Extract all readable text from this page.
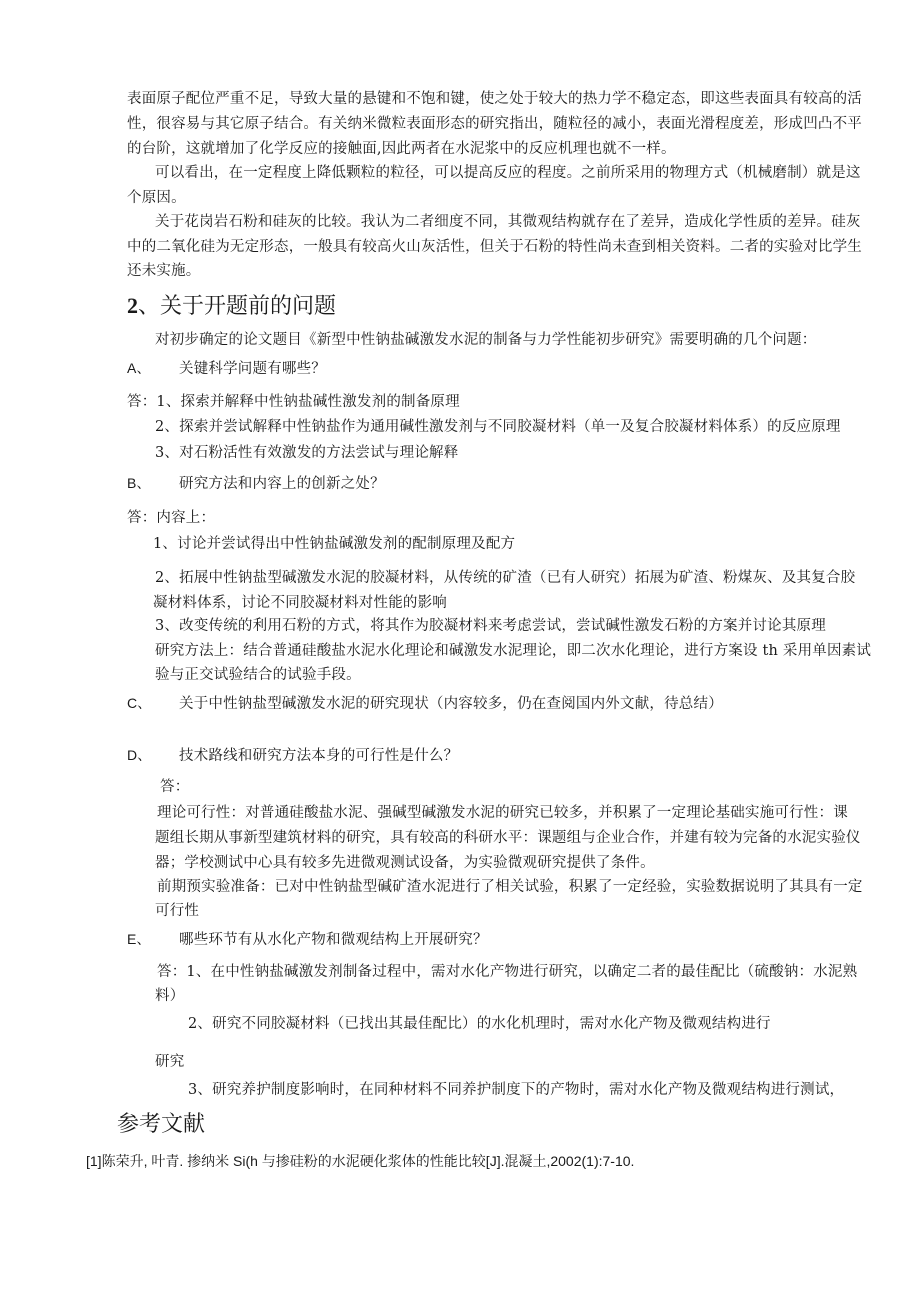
表面原子配位严重不足，导致大量的悬键和不饱和键，使之处于较大的热力学不稳定态，即这些表面具有较高的活
性，很容易与其它原子结合。有关纳米微粒表面形态的研究指出，随粒径的减小，表面光滑程度差，形成凹凸不平
的台阶，这就增加了化学反应的接触面,因此两者在水泥浆中的反应机理也就不一样。
可以看出，在一定程度上降低颗粒的粒径，可以提高反应的程度。之前所采用的物理方式（机械磨制）就是这
个原因。
关于花岗岩石粉和硅灰的比较。我认为二者细度不同，其微观结构就存在了差异，造成化学性质的差异。硅灰
中的二氧化硅为无定形态，一般具有较高火山灰活性，但关于石粉的特性尚未查到相关资料。二者的实验对比学生
还未实施。
2、关于开题前的问题
对初步确定的论文题目《新型中性钠盐碱激发水泥的制备与力学性能初步研究》需要明确的几个问题：
A、 关键科学问题有哪些？
答：1、探索并解释中性钠盐碱性激发剂的制备原理
2、探索并尝试解释中性钠盐作为通用碱性激发剂与不同胶凝材料（单一及复合胶凝材料体系）的反应原理
3、对石粉活性有效激发的方法尝试与理论解释
B、 研究方法和内容上的创新之处？
答：内容上：
1、讨论并尝试得出中性钠盐碱激发剂的配制原理及配方
2、拓展中性钠盐型碱激发水泥的胶凝材料，从传统的矿渣（已有人研究）拓展为矿渣、粉煤灰、及其复合胶
凝材料体系，讨论不同胶凝材料对性能的影响
3、改变传统的利用石粉的方式，将其作为胶凝材料来考虑尝试，尝试碱性激发石粉的方案并讨论其原理
研究方法上：结合普通硅酸盐水泥水化理论和碱激发水泥理论，即二次水化理论，进行方案设 th 采用单因素试
验与正交试验结合的试验手段。
C、 关于中性钠盐型碱激发水泥的研究现状（内容较多，仍在查阅国内外文献，待总结）
D、 技术路线和研究方法本身的可行性是什么？
答：
理论可行性：对普通硅酸盐水泥、强碱型碱激发水泥的研究已较多，并积累了一定理论基础实施可行性：课
题组长期从事新型建筑材料的研究，具有较高的科研水平：课题组与企业合作，并建有较为完备的水泥实验仪
器；学校测试中心具有较多先进微观测试设备，为实验微观研究提供了条件。
前期预实验准备：已对中性钠盐型碱矿渣水泥进行了相关试验，积累了一定经验，实验数据说明了其具有一定
可行性
E、 哪些环节有从水化产物和微观结构上开展研究？
答：1、在中性钠盐碱激发剂制备过程中，需对水化产物进行研究，以确定二者的最佳配比（硫酸钠：水泥熟
料）
2、研究不同胶凝材料（已找出其最佳配比）的水化机理时，需对水化产物及微观结构进行
研究
3、研究养护制度影响时，在同种材料不同养护制度下的产物时，需对水化产物及微观结构进行测试，
参考文献
[1]陈荣升, 叶青. 掺纳米 Si(h 与掺硅粉的水泥硬化浆体的性能比较[J].混凝土,2002(1):7-10.
